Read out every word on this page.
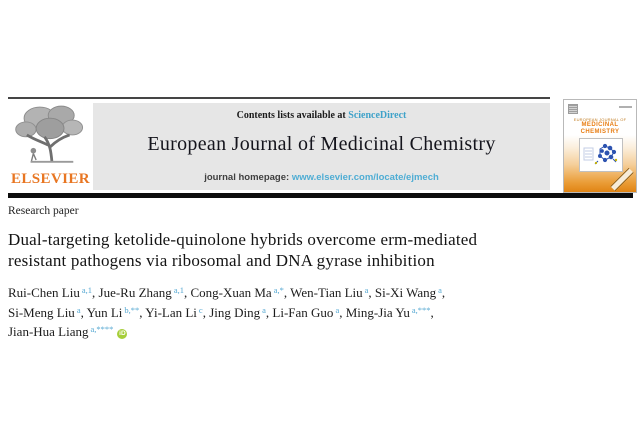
ELSEVIER
Contents lists available at ScienceDirect
European Journal of Medicinal Chemistry
journal homepage: www.elsevier.com/locate/ejmech
EUROPEAN JOURNAL OF
MEDICINAL
CHEMISTRY
Research paper
Dual-targeting ketolide-quinolone hybrids overcome erm-mediated
resistant pathogens via ribosomal and DNA gyrase inhibition
Rui-Chen Liu $^{a,1}$, Jue-Ru Zhang $^{a,1}$, Cong-Xuan Ma $^{a,*}$, Wen-Tian Liu $^a$, Si-Xi Wang $^a$,
Si-Meng Liu $^a$, Yun Li $^{b,**}$, Yi-Lan Li $^c$, Jing Ding $^a$, Li-Fan Guo $^a$, Ming-Jia Yu $^{a,***}$,
Jian-Hua Liang $^{a,****}$ iD
